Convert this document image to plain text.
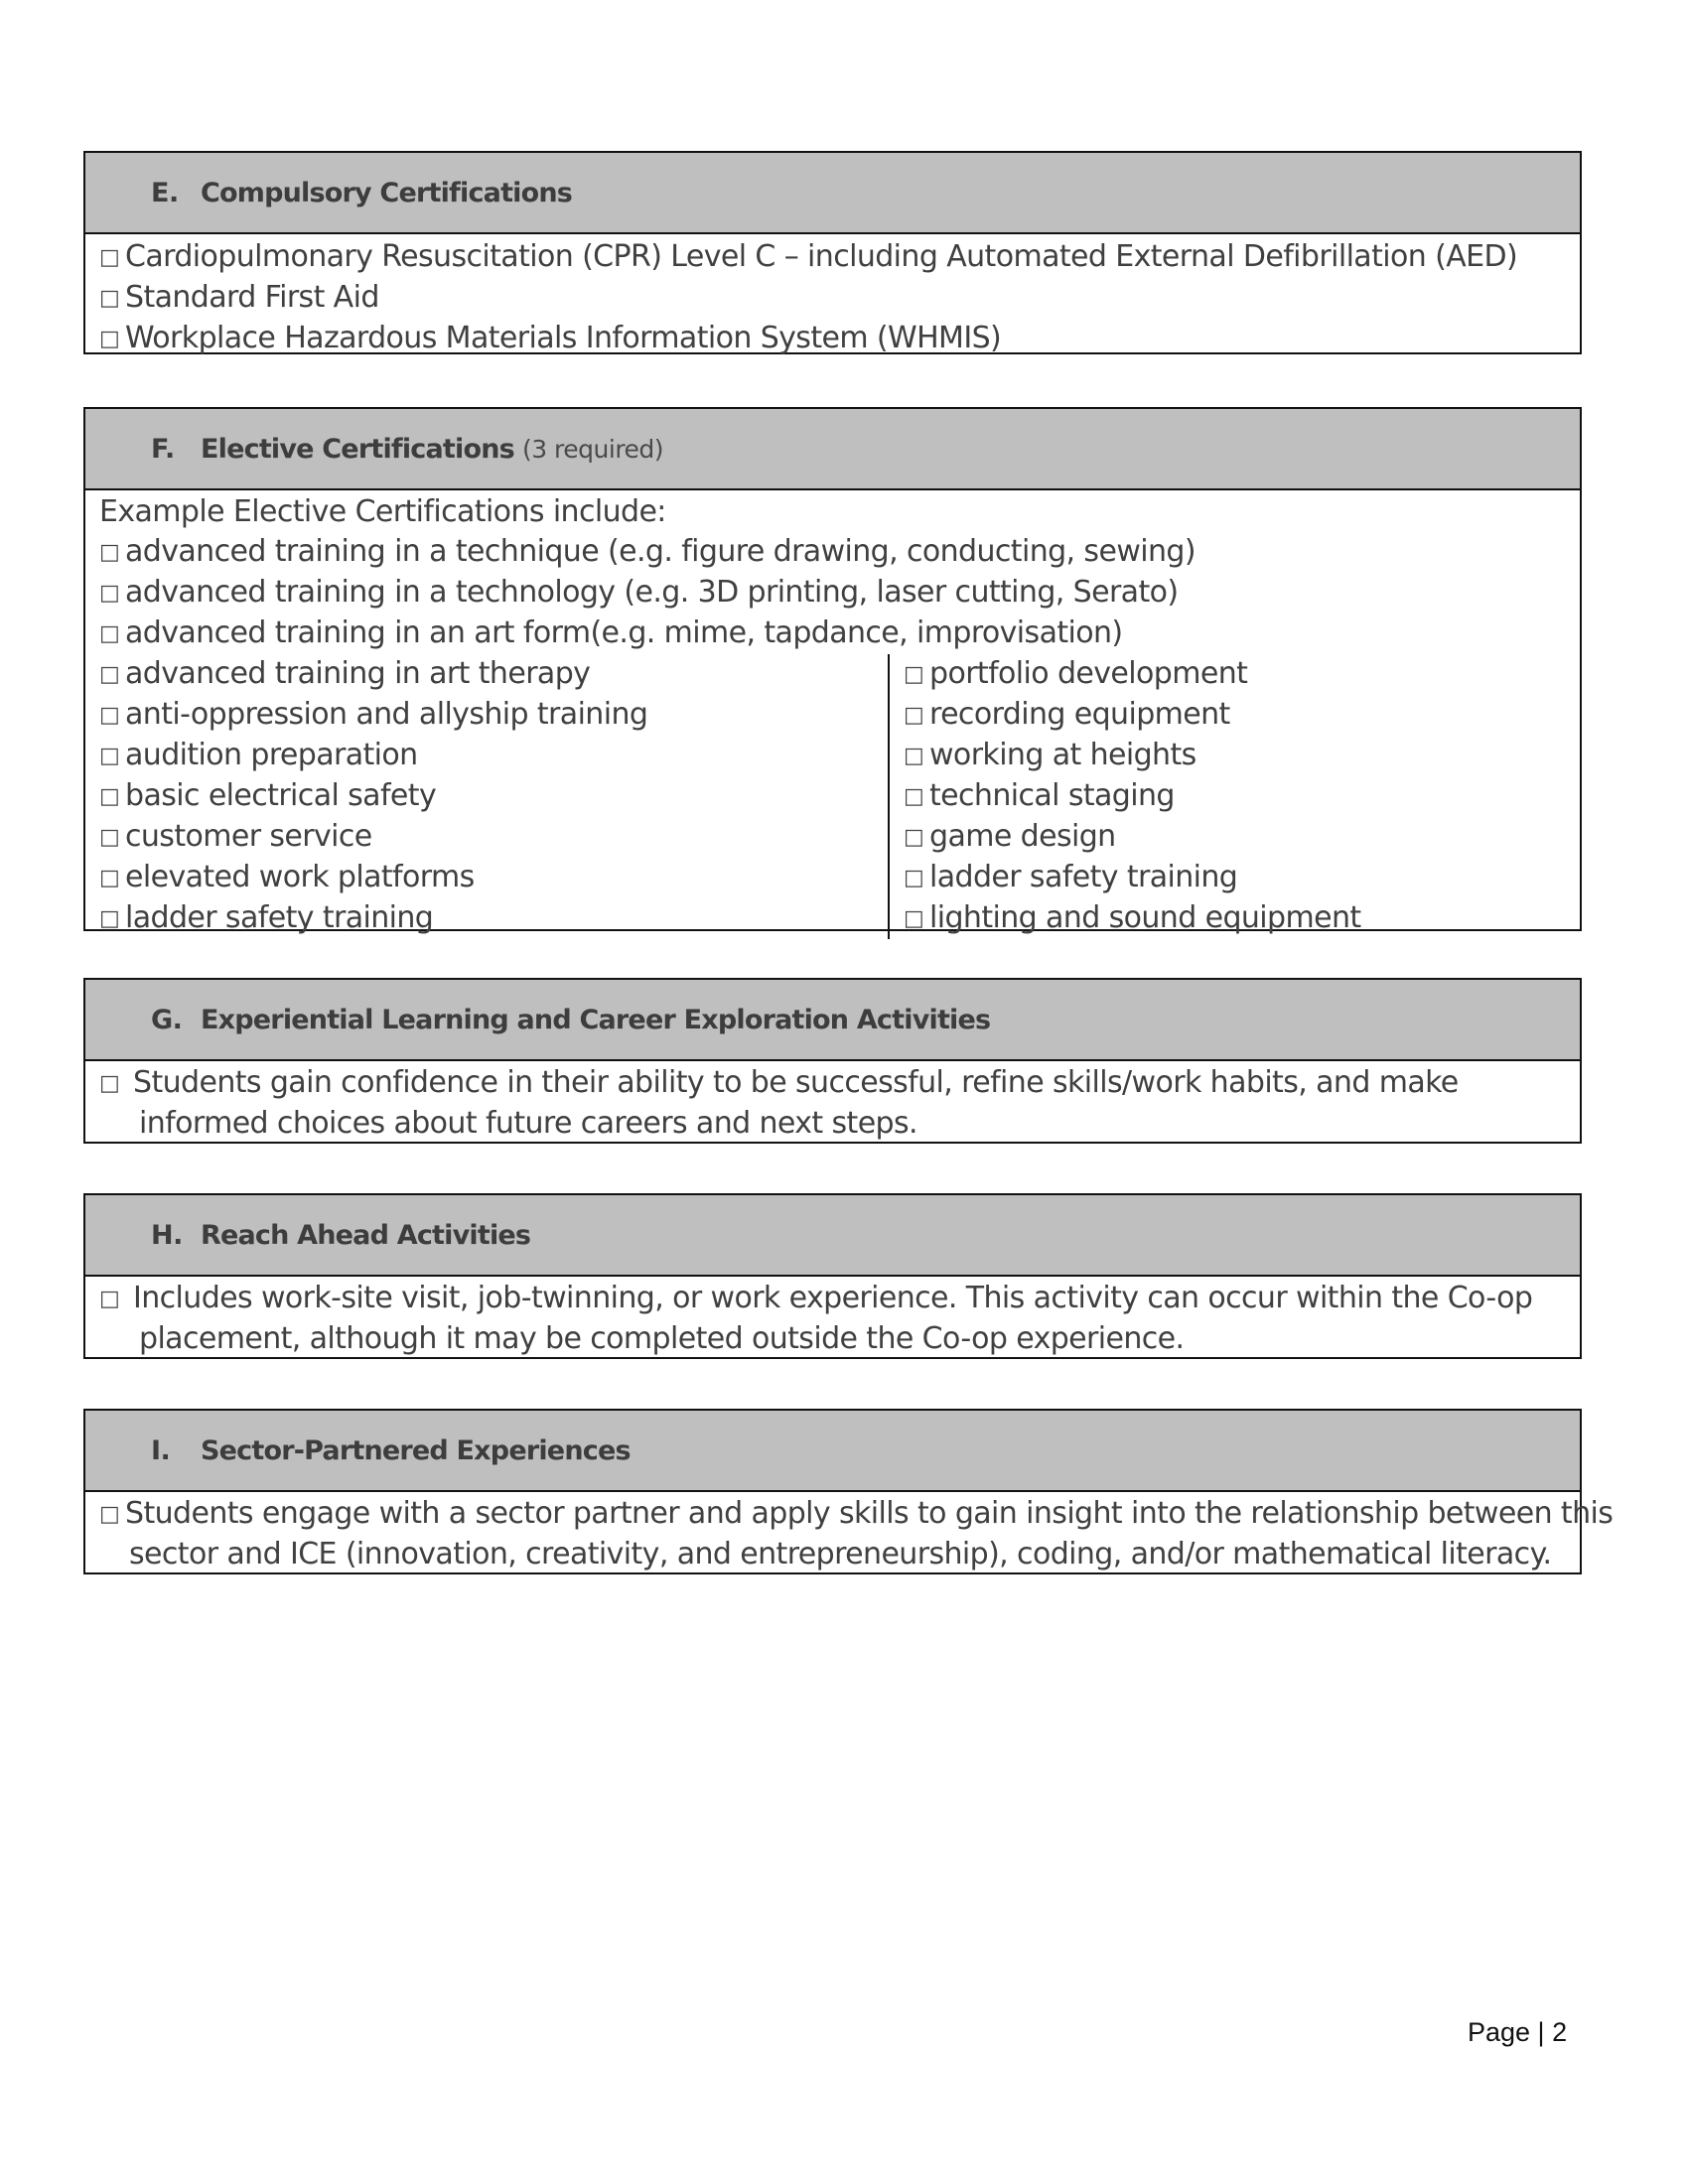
E. Compulsory Certifications
□ Cardiopulmonary Resuscitation (CPR) Level C – including Automated External Defibrillation (AED)
□ Standard First Aid
□ Workplace Hazardous Materials Information System (WHMIS)
F. Elective Certifications (3 required)
Example Elective Certifications include:
□ advanced training in a technique (e.g. figure drawing, conducting, sewing)
□ advanced training in a technology (e.g. 3D printing, laser cutting, Serato)
□ advanced training in an art form(e.g. mime, tapdance, improvisation)
□ advanced training in art therapy
□ anti-oppression and allyship training
□ audition preparation
□ basic electrical safety
□ customer service
□ elevated work platforms
□ ladder safety training
□ portfolio development
□ recording equipment
□ working at heights
□ technical staging
□ game design
□ ladder safety training
□ lighting and sound equipment
G. Experiential Learning and Career Exploration Activities
□ Students gain confidence in their ability to be successful, refine skills/work habits, and make
informed choices about future careers and next steps.
H. Reach Ahead Activities
□ Includes work-site visit, job-twinning, or work experience. This activity can occur within the Co-op
placement, although it may be completed outside the Co-op experience.
I.	Sector-Partnered Experiences
□ Students engage with a sector partner and apply skills to gain insight into the relationship between this
sector and ICE (innovation, creativity, and entrepreneurship), coding, and/or mathematical literacy.
Page | 2
